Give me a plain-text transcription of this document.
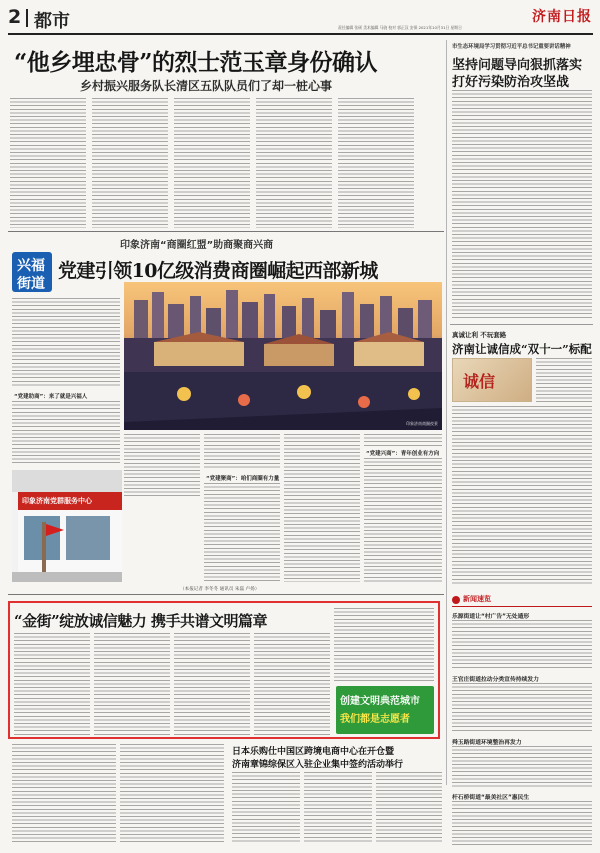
2 都市	济南日报
责任编辑 张硕 美术编辑 马骁 校对 郭正汉 安保 2021年10月31日 星期日
“他乡埋忠骨”的烈士范玉章身份确认
乡村振兴服务队长清区五队队员们了却一桩心事
市生态环境局学习贯彻习近平总书记重要讲话精神
坚持问题导向狠抓落实
打好污染防治攻坚战
印象济南“商圈红盟”助商聚商兴商
兴福
街道
党建引领10亿级消费商圈崛起西部新城
“党建助商”：来了就是兴福人
印象济南商圈夜景
“党建聚商”：咱们商圈有力量
“党建兴商”：青年创业有方向
印象济南党群服务中心
（本报记者 李冬冬 通讯员 朱磊 卢扬）
真诚让利 不玩套路
济南让诚信成“双十一”标配
诚信
“金街”绽放诚信魅力 携手共谱文明篇章
创建文明典范城市
我们都是志愿者
日本乐购仕中国区跨境电商中心在开仓暨
济南章锦综保区入驻企业集中签约活动举行
新闻速览
乐源街道让“村广告”无处遁形
王官庄街道拉动分类宣传持续发力
舜玉路街道环境整治再发力
杆石桥街道“最美社区”惠民生
